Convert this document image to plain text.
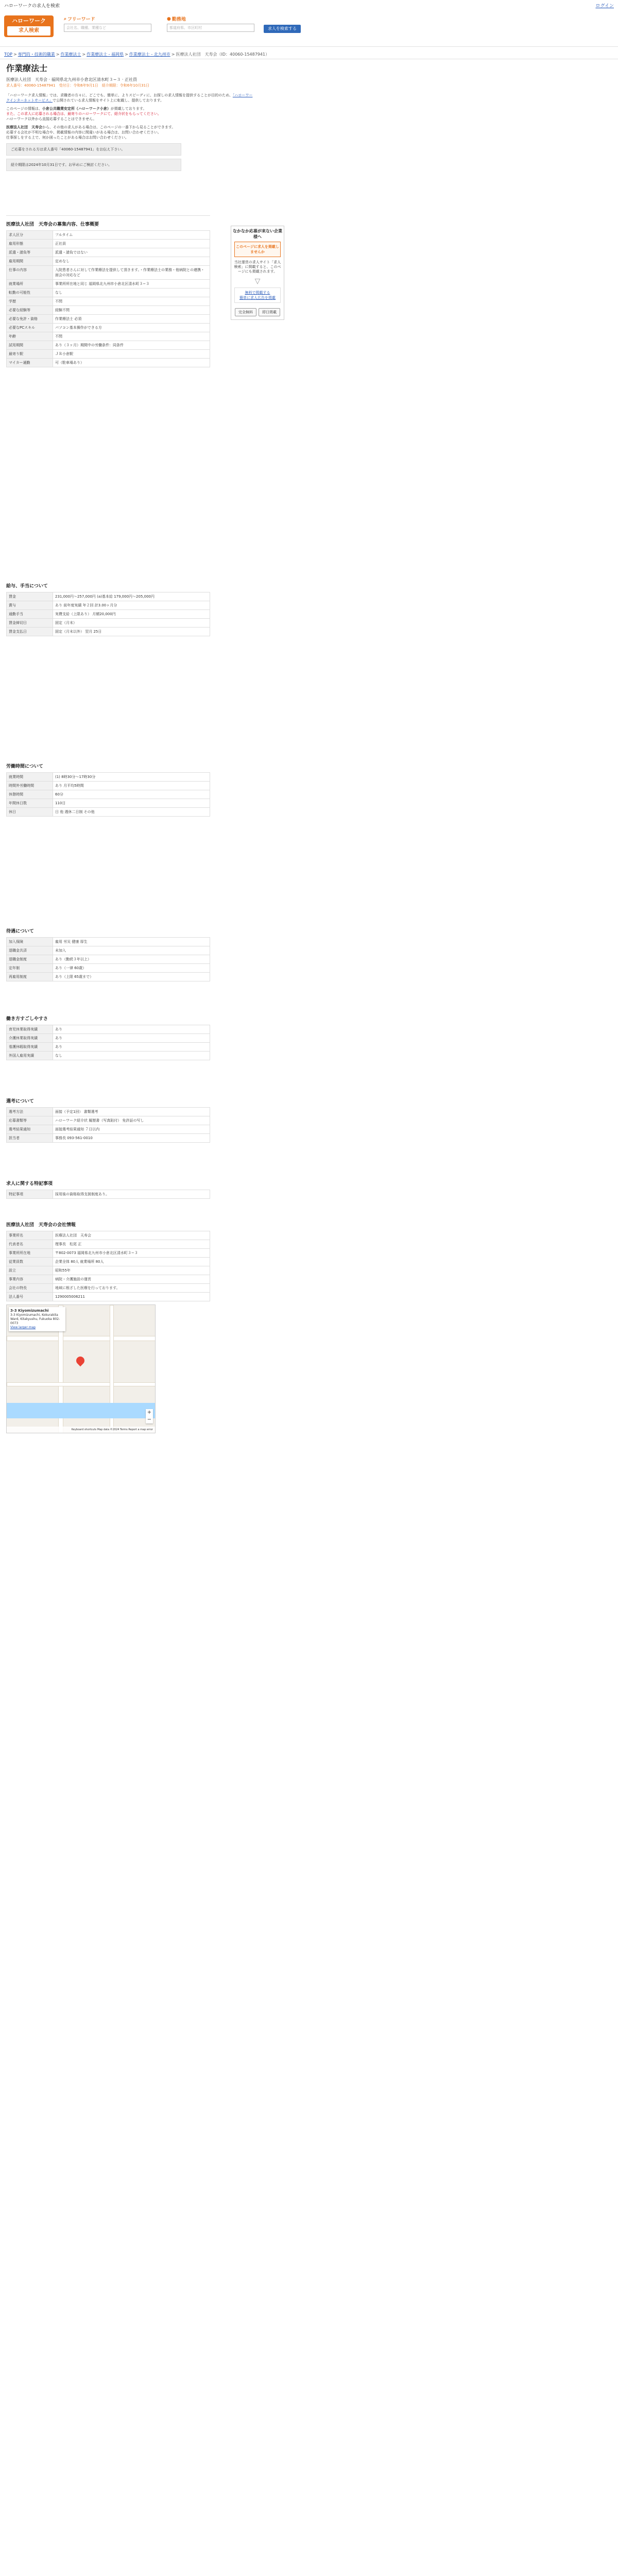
ハローワークの求人を検索	ログイン
ハローワーク
求人検索
⌕ フリーワード
会社名、職種、業種など
● 勤務地
都道府県、市区町村	求人を検索する
TOP > 専門的・技術的職業 > 作業療法士 > 作業療法士 - 福岡県 > 作業療法士 - 北九州市 > 医療法人社団　天寿会（ID：40060-15487941）
作業療法士
医療法人社団　天寿会 · 福岡県北九州市小倉北区清水町３−３ · 正社員
求人番号：40060-15487941　受付日：令和6年9月1日　紹介期限：令和6年10月31日

「ハローワーク求人情報」では、求職者の方々に、どこでも、簡単に、よりスピーディに、お探しの求人情報を提供することが目的のため、「ハローワークインターネットサービス」で公開されている求人情報をサイト上に転載し、提供しております。

このページの情報は、小倉公共職業安定所（ハローワーク小倉）が掲載しております。
また、この求人に応募される場合は、最寄りのハローワークにて、紹介状をもらってください。
ハローワーク以外から直接応募することはできません。

医療法人社団　天寿会から、その他の求人がある場合は、このページの一番下から見ることができます。
応募する会社が不明な場合や、掲載情報の内容に間違いがある場合は、お問い合わせください。
仕事探しをする上で、何か困ったことがある場合はお問い合わせください。

ご応募をされる方は求人番号「40060-15487941」をお伝え下さい。
紹介期限は2024年10月31日です。お早めにご検討ください。
医療法人社団　天寿会の募集内容、仕事概要
求人区分	フルタイム
雇用形態	正社員
派遣・請負等	派遣・請負ではない
雇用期間	定めなし
仕事の内容	入院患者さんに対して作業療法を提供して頂きます。・作業療法士の業務・他病院との連携・面会の対応など
就業場所	事業所所在地と同じ 福岡県北九州市小倉北区清水町３−３
転勤の可能性	なし
学歴	不問
必要な経験等	経験不問
必要な免許・資格	作業療法士 必須
必要なPCスキル	パソコン基本操作ができる方
年齢	不問
試用期間	あり（３ヶ月）期間中の労働条件：同条件
最寄り駅	ＪＲ小倉駅
マイカー通勤	可（駐車場あり）
なかなか応募が来ない企業様へ
このページに求人を掲載しませんか
当社運営の求人サイト「求人検索」に掲載すると、このページにも掲載されます。
▽
無料で掲載する
簡単に求人広告を掲載
完全無料	即日掲載
給与、手当について
賃金	231,000円〜257,000円 (a)基本給 179,000円〜205,000円
賞与	あり 前年度実績 年２回 計3.00ヶ月分
通勤手当	実費支給（上限あり） 月額20,000円
賃金締切日	固定（月末）
賃金支払日	固定（月末以外） 翌月 25日
労働時間について
就業時間	(1) 8時30分〜17時30分
時間外労働時間	あり 月平均5時間
休憩時間	60分
年間休日数	110日
休日	日 他 週休二日制 その他
待遇について
加入保険	雇用 労災 健康 厚生
退職金共済	未加入
退職金制度	あり（勤続３年以上）
定年制	あり（一律 60歳）
再雇用制度	あり（上限 65歳まで）
働き方すごしやすさ
育児休業取得実績	あり
介護休業取得実績	あり
看護休暇取得実績	あり
外国人雇用実績	なし
選考について
選考方法	面接（予定1回） 書類選考
応募書類等	ハローワーク紹介状 履歴書（写真貼付） 免許証の写し
選考結果通知	面接選考結果通知 ７日以内
担当者	事務長 093-561-0010
求人に関する特記事項
特記事項	採用後の資格取得支援制度あり。
医療法人社団　天寿会の会社情報
事業所名	医療法人社団　天寿会
代表者名	理事長　松尾 正
事業所所在地	〒802-0073 福岡県北九州市小倉北区清水町３−３
従業員数	企業全体 80人 就業場所 80人
設立	昭和55年
事業内容	病院・介護施設の運営
会社の特長	地域に根ざした医療を行っております。
法人番号	1290005006211
3-3 Kiyomizumachi
3-3 Kiyomizumachi, Kokurakita Ward, Kitakyushu, Fukuoka 802-0073
View larger map
+
−
Keyboard shortcuts Map data ©2024 Terms Report a map error
